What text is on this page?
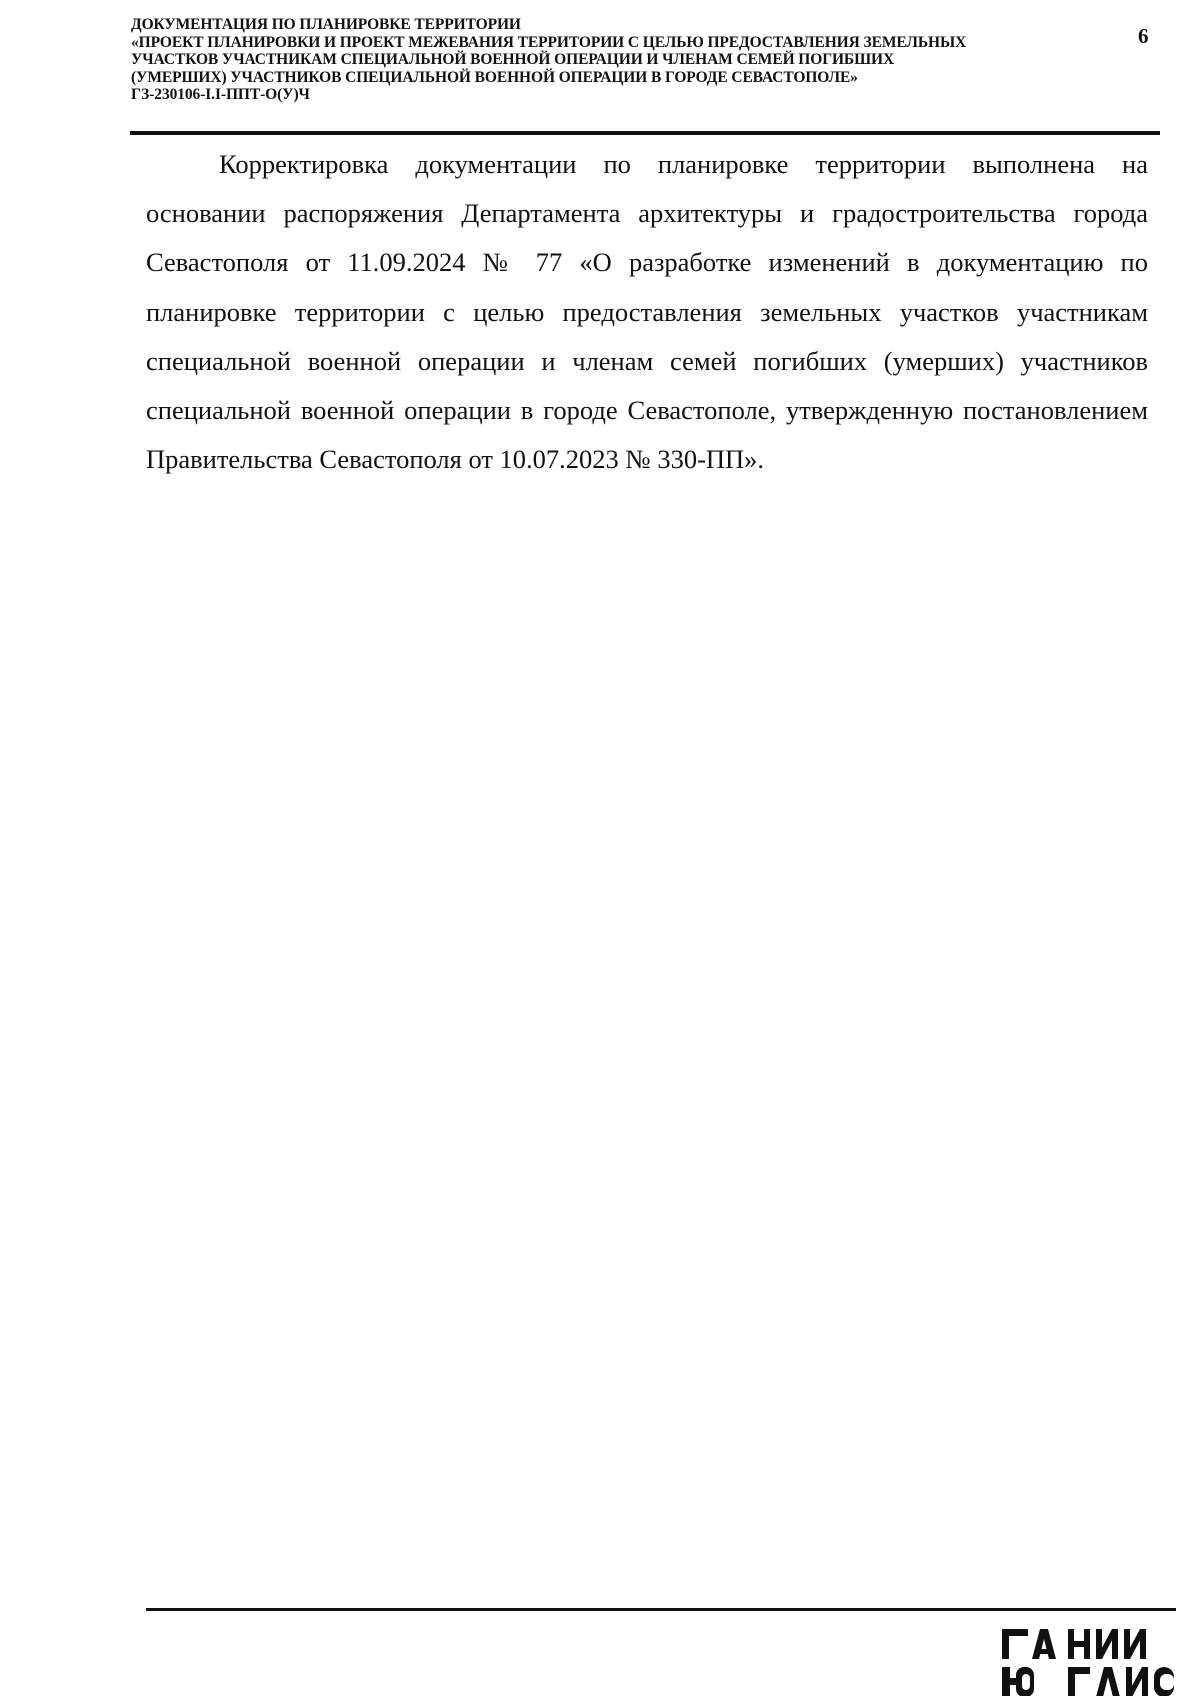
ДОКУМЕНТАЦИЯ ПО ПЛАНИРОВКЕ ТЕРРИТОРИИ
«ПРОЕКТ ПЛАНИРОВКИ И ПРОЕКТ МЕЖЕВАНИЯ ТЕРРИТОРИИ С ЦЕЛЬЮ ПРЕДОСТАВЛЕНИЯ ЗЕМЕЛЬНЫХ
УЧАСТКОВ УЧАСТНИКАМ СПЕЦИАЛЬНОЙ ВОЕННОЙ ОПЕРАЦИИ И ЧЛЕНАМ СЕМЕЙ ПОГИБШИХ
(УМЕРШИХ) УЧАСТНИКОВ СПЕЦИАЛЬНОЙ ВОЕННОЙ ОПЕРАЦИИ В ГОРОДЕ СЕВАСТОПОЛЕ»
ГЗ-230106-I.I-ППТ-О(У)Ч
6

Корректировка документации по планировке территории выполнена на основании распоряжения Департамента архитектуры и градостроительства города Севастополя от 11.09.2024 № 77 «О разработке изменений в документацию по планировке территории с целью предоставления земельных участков участникам специальной военной операции и членам семей погибших (умерших) участников специальной военной операции в городе Севастополе, утвержденную постановлением Правительства Севастополя от 10.07.2023 № 330-ПП».
